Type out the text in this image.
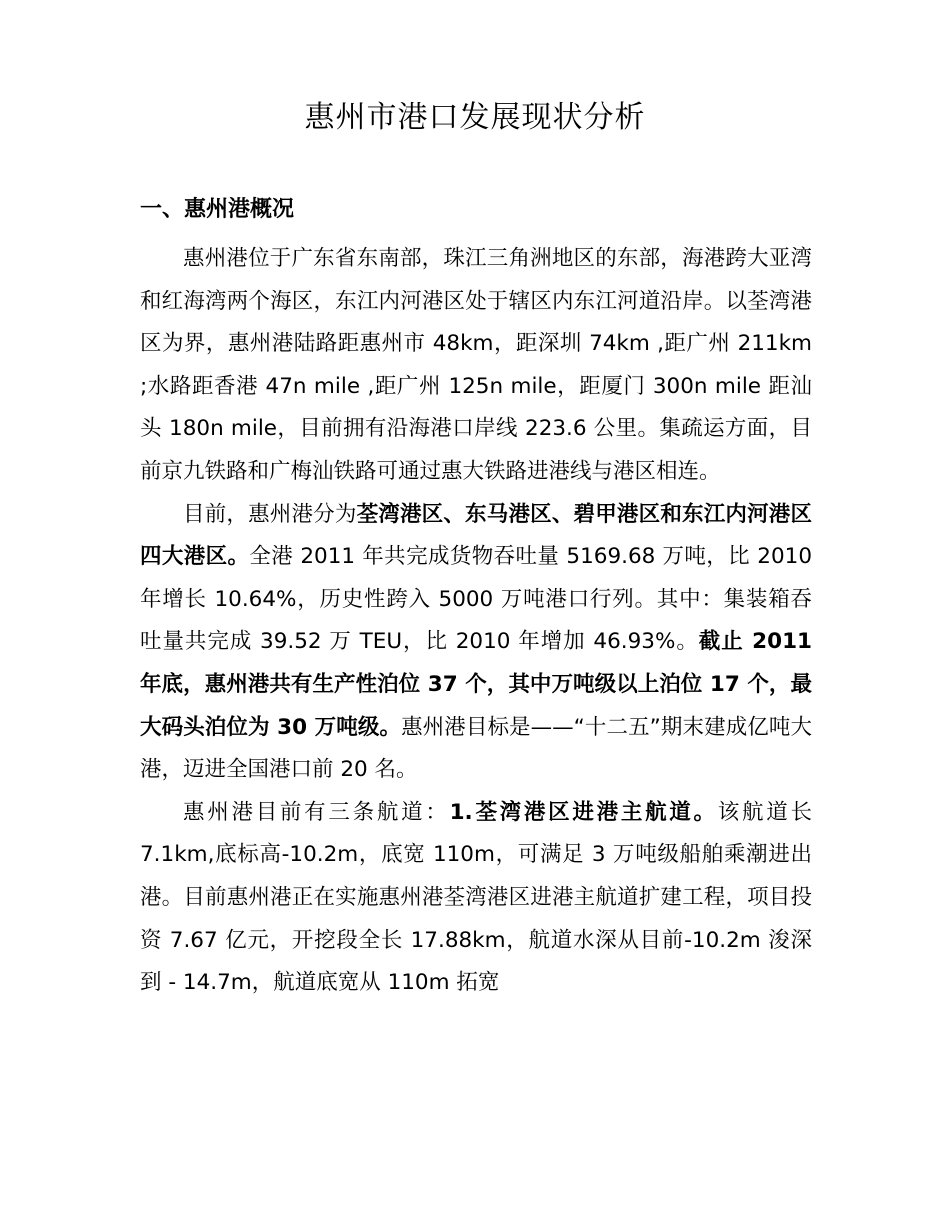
惠州市港口发展现状分析
一、惠州港概况

惠州港位于广东省东南部，珠江三角洲地区的东部，海港跨大亚湾和红海湾两个海区，东江内河港区处于辖区内东江河道沿岸。以荃湾港区为界，惠州港陆路距惠州市 48km，距深圳 74km ,距广州 211km ;水路距香港 47n mile ,距广州 125n mile，距厦门 300n mile 距汕头 180n mile，目前拥有沿海港口岸线 223.6 公里。集疏运方面，目前京九铁路和广梅汕铁路可通过惠大铁路进港线与港区相连。

目前，惠州港分为荃湾港区、东马港区、碧甲港区和东江内河港区四大港区。全港 2011 年共完成货物吞吐量 5169.68 万吨，比 2010 年增长 10.64%，历史性跨入 5000 万吨港口行列。其中：集装箱吞吐量共完成 39.52 万 TEU，比 2010 年增加 46.93%。截止 2011 年底，惠州港共有生产性泊位 37 个，其中万吨级以上泊位 17 个，最大码头泊位为 30 万吨级。惠州港目标是——“十二五”期末建成亿吨大港，迈进全国港口前 20 名。

惠州港目前有三条航道：1.荃湾港区进港主航道。该航道长 7.1km,底标高-10.2m，底宽 110m，可满足 3 万吨级船舶乘潮进出港。目前惠州港正在实施惠州港荃湾港区进港主航道扩建工程，项目投资 7.67 亿元，开挖段全长 17.88km，航道水深从目前-10.2m 浚深到 - 14.7m，航道底宽从 110m 拓宽
